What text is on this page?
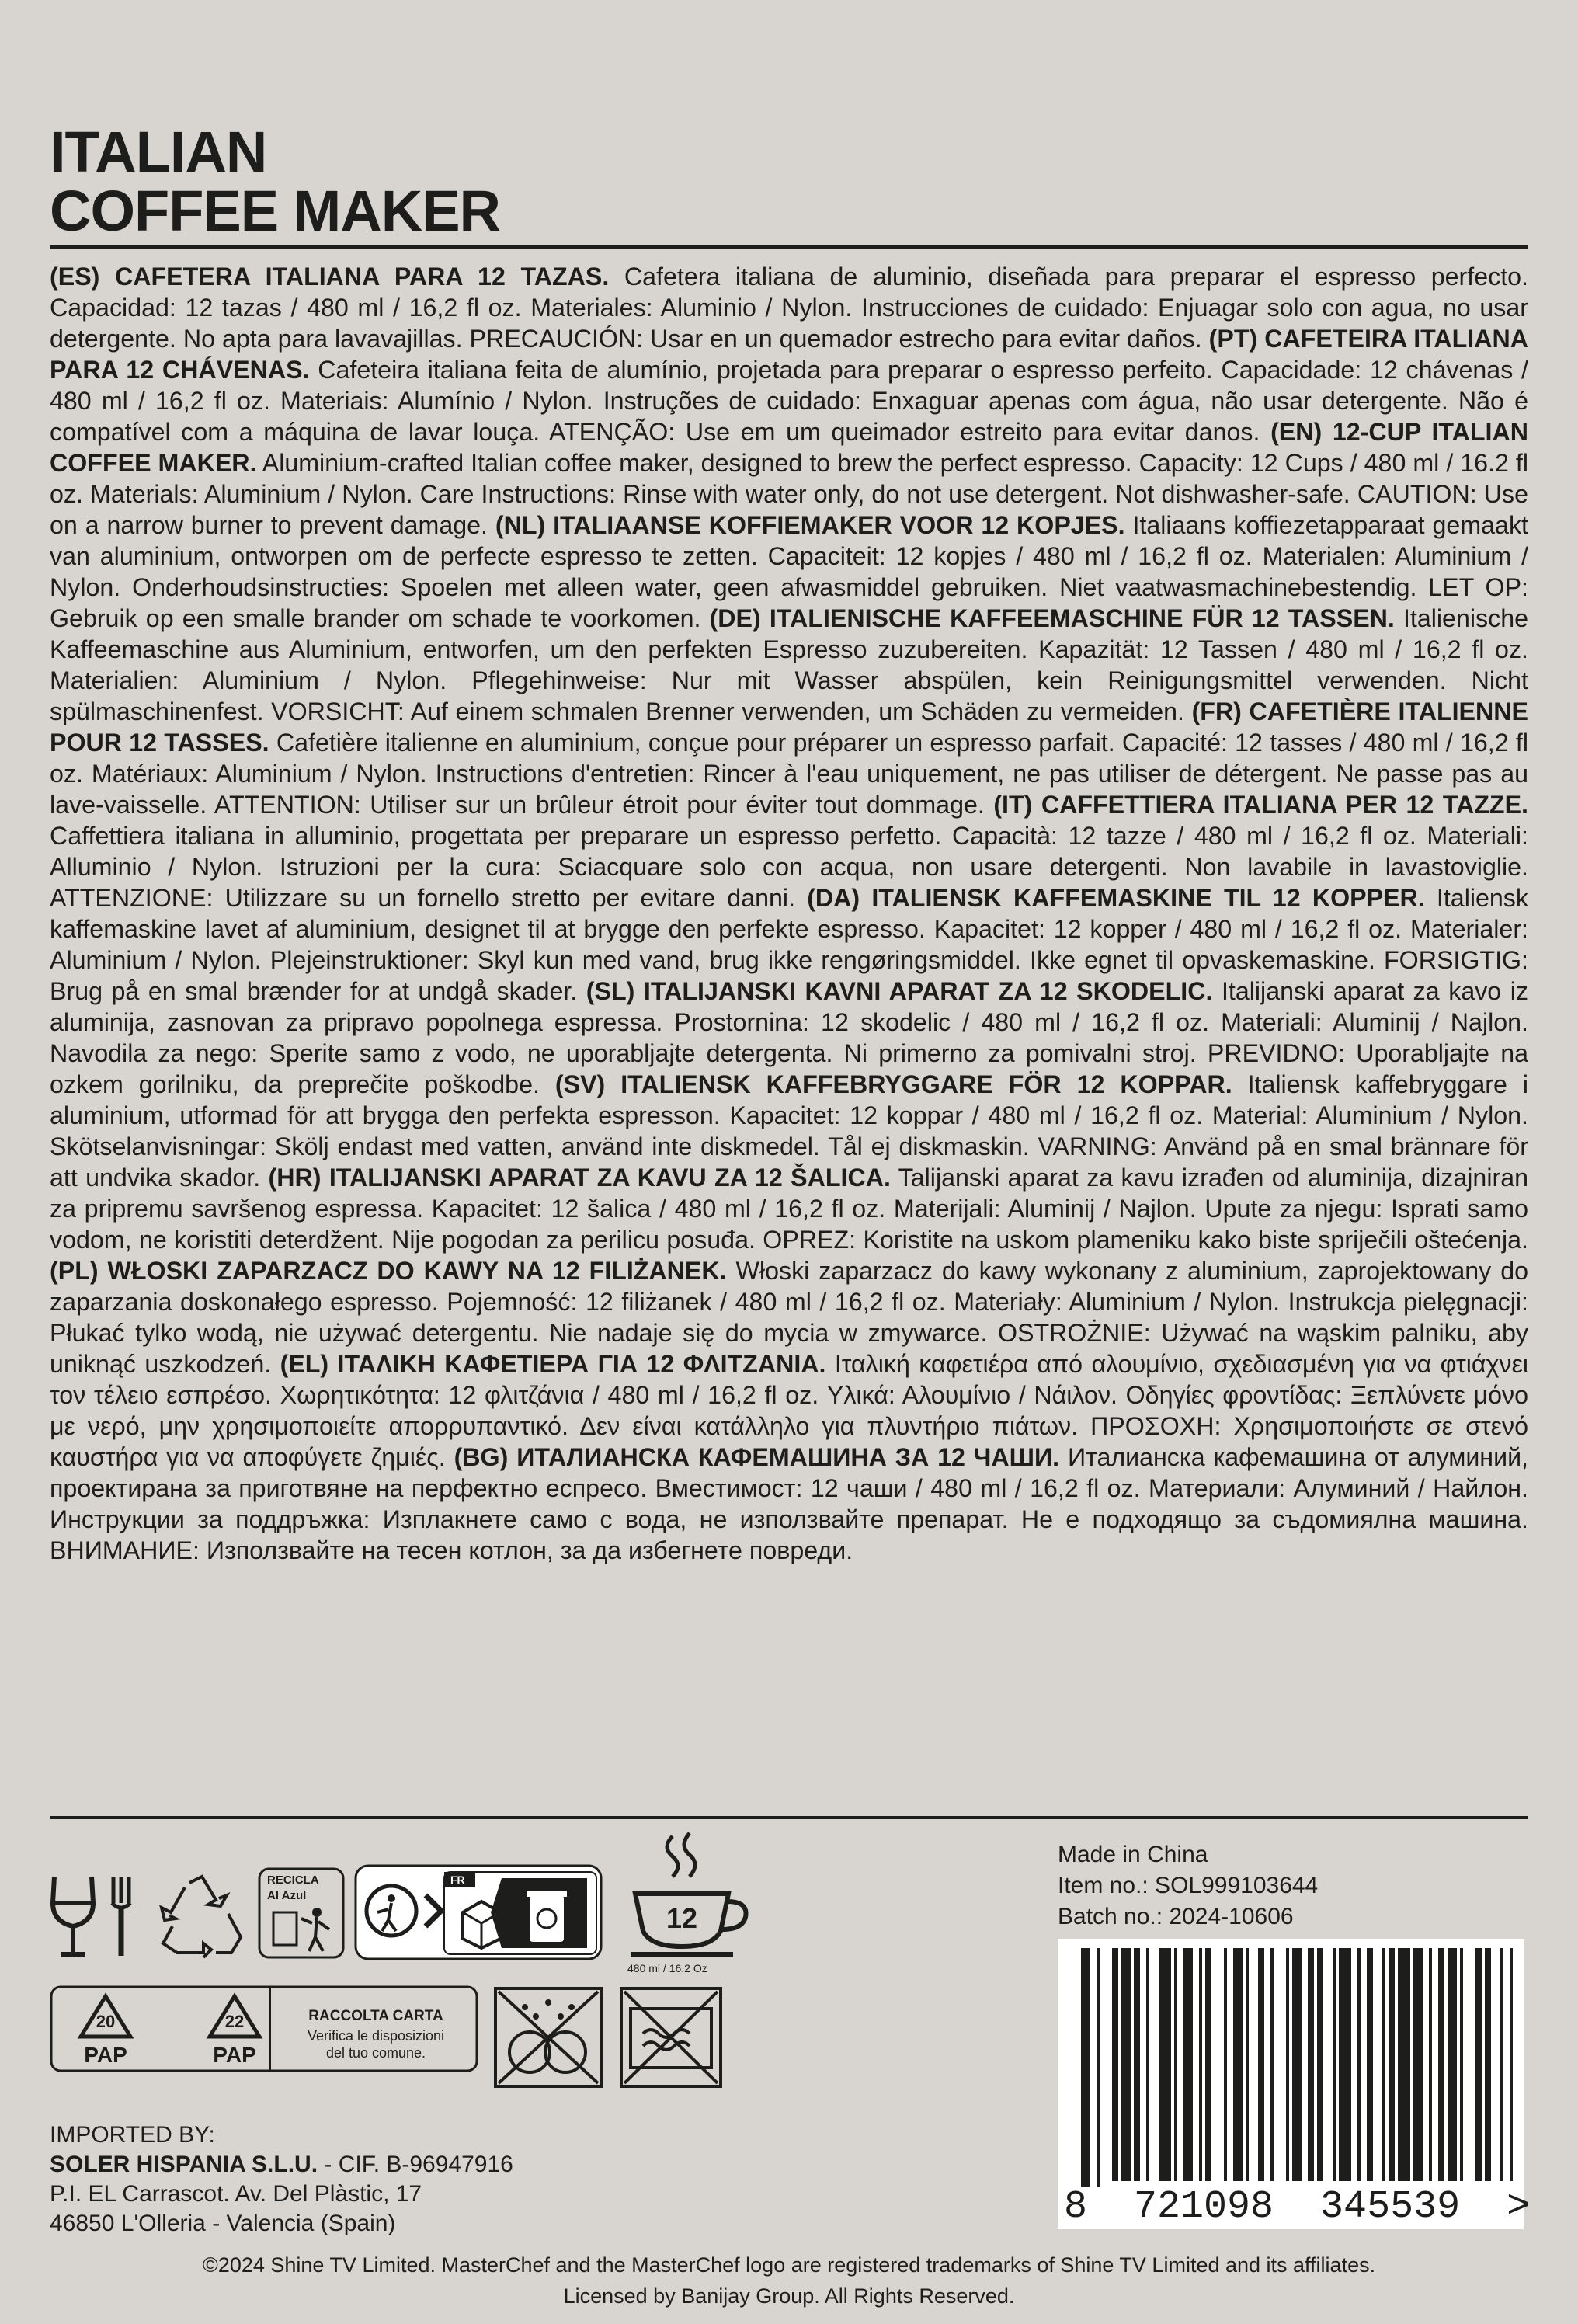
ITALIAN
COFFEE MAKER
(ES) CAFETERA ITALIANA PARA 12 TAZAS. Cafetera italiana de aluminio, diseñada para preparar el espresso perfecto. Capacidad: 12 tazas / 480 ml / 16,2 fl oz. Materiales: Aluminio / Nylon. Instrucciones de cuidado: Enjuagar solo con agua, no usar detergente. No apta para lavavajillas. PRECAUCIÓN: Usar en un quemador estrecho para evitar daños. (PT) CAFETEIRA ITALIANA PARA 12 CHÁVENAS. Cafeteira italiana feita de alumínio, projetada para preparar o espresso perfeito. Capacidade: 12 chávenas / 480 ml / 16,2 fl oz. Materiais: Alumínio / Nylon. Instruções de cuidado: Enxaguar apenas com água, não usar detergente. Não é compatível com a máquina de lavar louça. ATENÇÃO: Use em um queimador estreito para evitar danos. (EN) 12-CUP ITALIAN COFFEE MAKER. Aluminium-crafted Italian coffee maker, designed to brew the perfect espresso. Capacity: 12 Cups / 480 ml / 16.2 fl oz. Materials: Aluminium / Nylon. Care Instructions: Rinse with water only, do not use detergent. Not dishwasher-safe. CAUTION: Use on a narrow burner to prevent damage. (NL) ITALIAANSE KOFFIEMAKER VOOR 12 KOPJES. Italiaans koffiezetapparaat gemaakt van aluminium, ontworpen om de perfecte espresso te zetten. Capaciteit: 12 kopjes / 480 ml / 16,2 fl oz. Materialen: Aluminium / Nylon. Onderhoudsinstructies: Spoelen met alleen water, geen afwasmiddel gebruiken. Niet vaatwasmachinebestendig. LET OP: Gebruik op een smalle brander om schade te voorkomen. (DE) ITALIENISCHE KAFFEEMASCHINE FÜR 12 TASSEN. Italienische Kaffeemaschine aus Aluminium, entworfen, um den perfekten Espresso zuzubereiten. Kapazität: 12 Tassen / 480 ml / 16,2 fl oz. Materialien: Aluminium / Nylon. Pflegehinweise: Nur mit Wasser abspülen, kein Reinigungsmittel verwenden. Nicht spülmaschinenfest. VORSICHT: Auf einem schmalen Brenner verwenden, um Schäden zu vermeiden. (FR) CAFETIÈRE ITALIENNE POUR 12 TASSES. Cafetière italienne en aluminium, conçue pour préparer un espresso parfait. Capacité: 12 tasses / 480 ml / 16,2 fl oz. Matériaux: Aluminium / Nylon. Instructions d'entretien: Rincer à l'eau uniquement, ne pas utiliser de détergent. Ne passe pas au lave-vaisselle. ATTENTION: Utiliser sur un brûleur étroit pour éviter tout dommage. (IT) CAFFETTIERA ITALIANA PER 12 TAZZE. Caffettiera italiana in alluminio, progettata per preparare un espresso perfetto. Capacità: 12 tazze / 480 ml / 16,2 fl oz. Materiali: Alluminio / Nylon. Istruzioni per la cura: Sciacquare solo con acqua, non usare detergenti. Non lavabile in lavastoviglie. ATTENZIONE: Utilizzare su un fornello stretto per evitare danni. (DA) ITALIENSK KAFFEMASKINE TIL 12 KOPPER. Italiensk kaffemaskine lavet af aluminium, designet til at brygge den perfekte espresso. Kapacitet: 12 kopper / 480 ml / 16,2 fl oz. Materialer: Aluminium / Nylon. Plejeinstruktioner: Skyl kun med vand, brug ikke rengøringsmiddel. Ikke egnet til opvaskemaskine. FORSIGTIG: Brug på en smal brænder for at undgå skader. (SL) ITALIJANSKI KAVNI APARAT ZA 12 SKODELIC. Italijanski aparat za kavo iz aluminija, zasnovan za pripravo popolnega espressa. Prostornina: 12 skodelic / 480 ml / 16,2 fl oz. Materiali: Aluminij / Najlon. Navodila za nego: Sperite samo z vodo, ne uporabljajte detergenta. Ni primerno za pomivalni stroj. PREVIDNO: Uporabljajte na ozkem gorilniku, da preprečite poškodbe. (SV) ITALIENSK KAFFEBRYGGARE FÖR 12 KOPPAR. Italiensk kaffebryggare i aluminium, utformad för att brygga den perfekta espresson. Kapacitet: 12 koppar / 480 ml / 16,2 fl oz. Material: Aluminium / Nylon. Skötselanvisningar: Skölj endast med vatten, använd inte diskmedel. Tål ej diskmaskin. VARNING: Använd på en smal brännare för att undvika skador. (HR) ITALIJANSKI APARAT ZA KAVU ZA 12 ŠALICA. Talijanski aparat za kavu izrađen od aluminija, dizajniran za pripremu savršenog espressa. Kapacitet: 12 šalica / 480 ml / 16,2 fl oz. Materijali: Aluminij / Najlon. Upute za njegu: Isprati samo vodom, ne koristiti deterdžent. Nije pogodan za perilicu posuđa. OPREZ: Koristite na uskom plameniku kako biste spriječili oštećenja. (PL) WŁOSKI ZAPARZACZ DO KAWY NA 12 FILIŻANEK. Włoski zaparzacz do kawy wykonany z aluminium, zaprojektowany do zaparzania doskonałego espresso. Pojemność: 12 filiżanek / 480 ml / 16,2 fl oz. Materiały: Aluminium / Nylon. Instrukcja pielęgnacji: Płukać tylko wodą, nie używać detergentu. Nie nadaje się do mycia w zmywarce. OSTROŻNIE: Używać na wąskim palniku, aby uniknąć uszkodzeń. (EL) ΙΤΑΛΙΚΗ ΚΑΦΕΤΙΕΡΑ ΓΙΑ 12 ΦΛΙΤΖΑΝΙΑ. Ιταλική καφετιέρα από αλουμίνιο, σχεδιασμένη για να φτιάχνει τον τέλειο εσπρέσο. Χωρητικότητα: 12 φλιτζάνια / 480 ml / 16,2 fl oz. Υλικά: Αλουμίνιο / Νάιλον. Οδηγίες φροντίδας: Ξεπλύνετε μόνο με νερό, μην χρησιμοποιείτε απορρυπαντικό. Δεν είναι κατάλληλο για πλυντήριο πιάτων. ΠΡΟΣΟΧΗ: Χρησιμοποιήστε σε στενό καυστήρα για να αποφύγετε ζημιές. (BG) ИТАЛИАНСКА КАФЕМАШИНА ЗА 12 ЧАШИ. Италианска кафемашина от алуминий, проектирана за приготвяне на перфектно еспресо. Вместимост: 12 чаши / 480 ml / 16,2 fl oz. Материали: Алуминий / Найлон. Инструкции за поддръжка: Изплакнете само с вода, не използвайте препарат. Не е подходящо за съдомиялна машина. ВНИМАНИЕ: Използвайте на тесен котлон, за да избегнете повреди.
RECICLA
Al Azul
FR
12
480 ml / 16.2 Oz
20
PAP
22
PAP
RACCOLTA CARTA
Verifica le disposizioni
del tuo comune.
Made in China
Item no.: SOL999103644
Batch no.: 2024-10606
8  721098  345539  >
IMPORTED BY:
SOLER HISPANIA S.L.U. - CIF. B-96947916
P.I. EL Carrascot. Av. Del Plàstic, 17
46850 L'Olleria - Valencia (Spain)
©2024 Shine TV Limited. MasterChef and the MasterChef logo are registered trademarks of Shine TV Limited and its affiliates.
Licensed by Banijay Group. All Rights Reserved.
